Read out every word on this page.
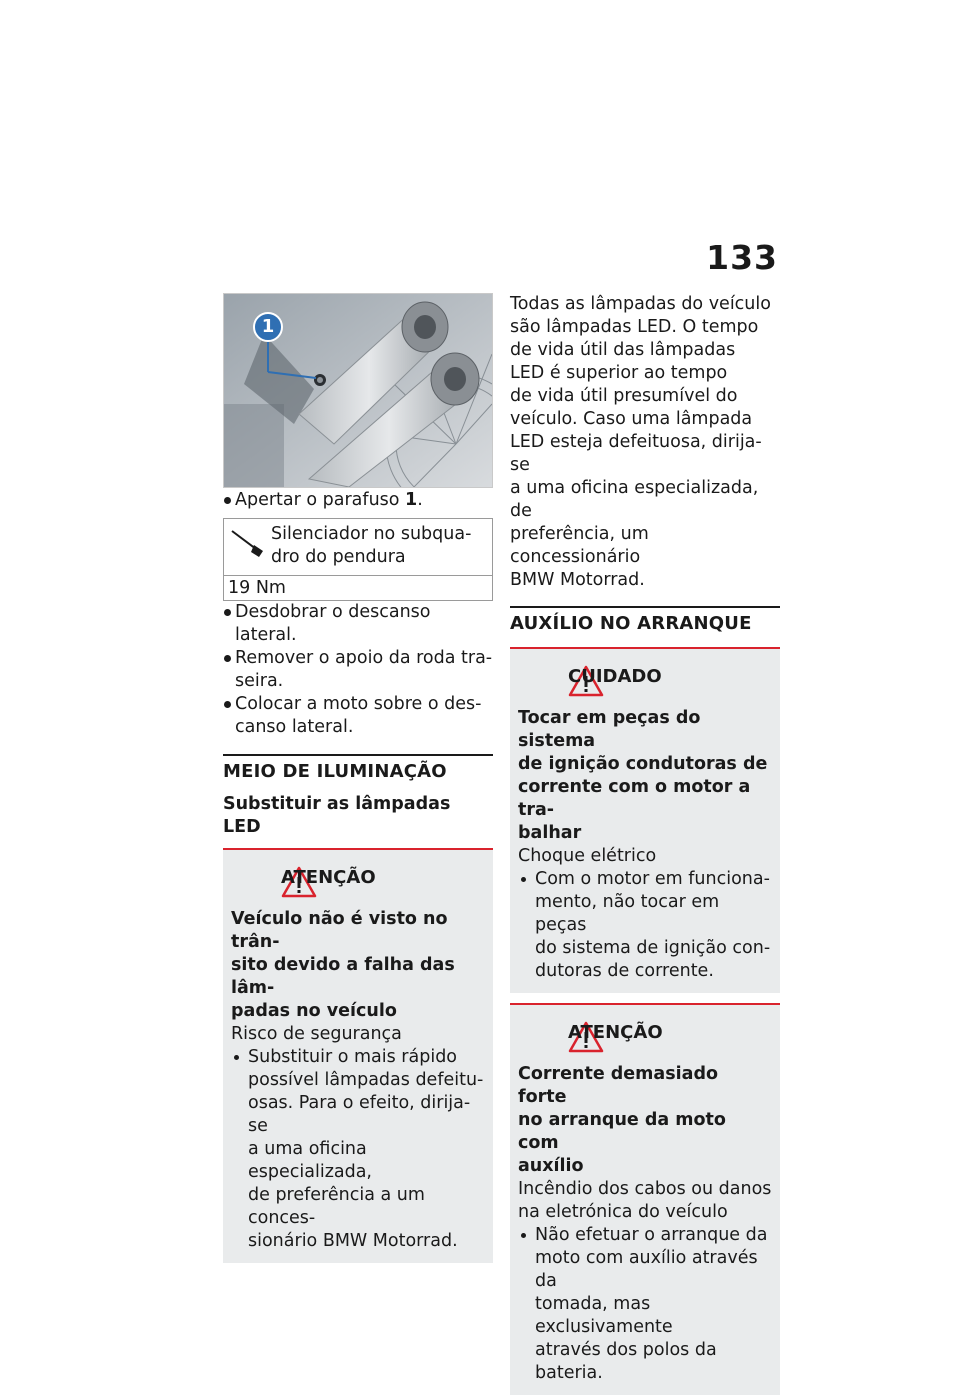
133
1
Apertar o parafuso 1.
Silenciador no subqua-
dro do pendura
19 Nm
Desdobrar o descanso lateral.
Remover o apoio da roda tra-
seira.
Colocar a moto sobre o des-
canso lateral.
MEIO DE ILUMINAÇÃO
Substituir as lâmpadas LED
ATENÇÃO
Veículo não é visto no trân-
sito devido a falha das lâm-
padas no veículo
Risco de segurança
Substituir o mais rápido
possível lâmpadas defeitu-
osas. Para o efeito, dirija-se
a uma oficina especializada,
de preferência a um conces-
sionário BMW Motorrad.
Todas as lâmpadas do veículo
são lâmpadas LED. O tempo
de vida útil das lâmpadas
LED é superior ao tempo
de vida útil presumível do
veículo. Caso uma lâmpada
LED esteja defeituosa, dirija-se
a uma oficina especializada, de
preferência, um concessionário
BMW Motorrad.
AUXÍLIO NO ARRANQUE
CUIDADO
Tocar em peças do sistema
de ignição condutoras de
corrente com o motor a tra-
balhar
Choque elétrico
Com o motor em funciona-
mento, não tocar em peças
do sistema de ignição con-
dutoras de corrente.
ATENÇÃO
Corrente demasiado forte
no arranque da moto com
auxílio
Incêndio dos cabos ou danos
na eletrónica do veículo
Não efetuar o arranque da
moto com auxílio através da
tomada, mas exclusivamente
através dos polos da bateria.
